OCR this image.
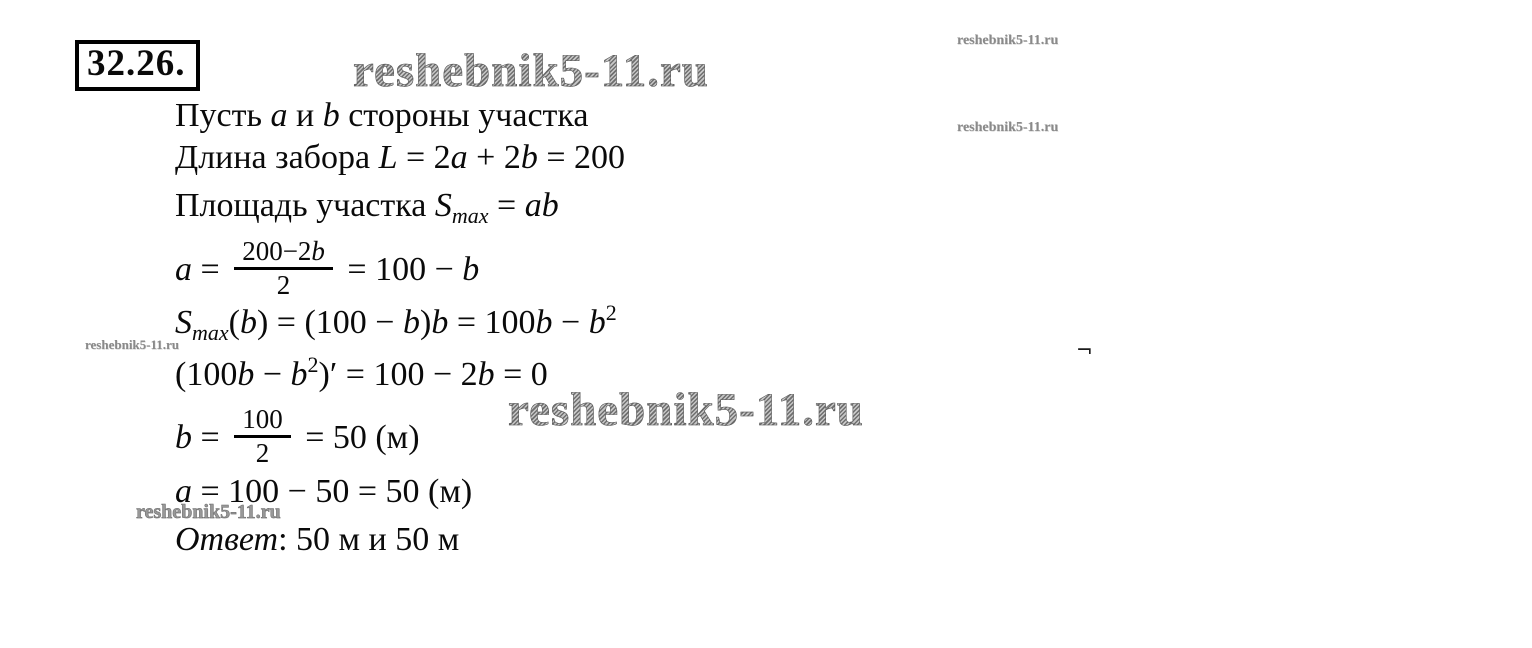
32.26.	reshebnik5-11.ru
reshebnik5-11.ru
reshebnik5-11.ru
reshebnik5-11.ru
reshebnik5-11.ru
reshebnik5-11.ru
¬
Пусть a и b стороны участка
Длина забора L = 2a + 2b = 200
Площадь участка $S_{max}$ = ab
$a = \frac{200-2b}{2} = 100 - b$
$S_{max}(b) = (100 - b)b = 100b - b^2$
$(100b - b^2)' = 100 - 2b = 0$
$b = \frac{100}{2} = 50$ (м)
a = 100 − 50 = 50 (м)
Ответ: 50 м и 50 м
